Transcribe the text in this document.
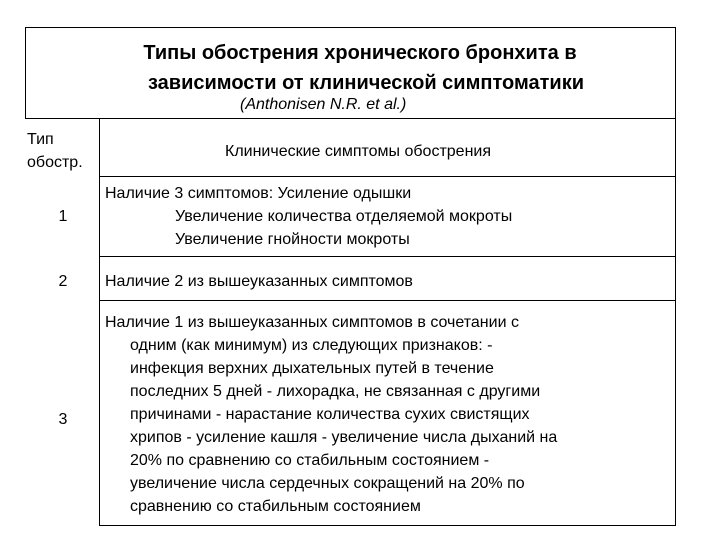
Типы обострения хронического бронхита в
зависимости от клинической симптоматики
(Anthonisen N.R. et al.)
Тип
обостр.
Клинические симптомы обострения
1
Наличие 3 симптомов: Усиление одышки
Увеличение количества отделяемой мокроты
Увеличение гнойности мокроты
2	Наличие 2 из вышеуказанных симптомов
3
Наличие 1 из вышеуказанных симптомов в сочетании с
одним (как минимум) из следующих признаков: -
инфекция верхних дыхательных путей в течение
последних 5 дней - лихорадка, не связанная с другими
причинами - нарастание количества сухих свистящих
хрипов - усиление кашля - увеличение числа дыханий на
20% по сравнению со стабильным состоянием -
увеличение числа сердечных сокращений на 20% по
сравнению со стабильным состоянием
